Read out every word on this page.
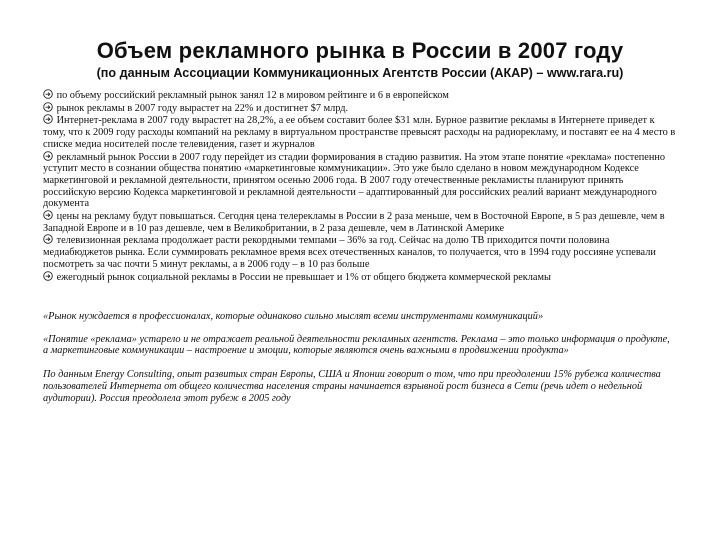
Объем рекламного рынка в России в 2007 году
(по данным Ассоциации Коммуникационных Агентств России (АКАР) – www.rara.ru)

по объему российский рекламный рынок занял 12 в мировом рейтинге и 6 в европейском

рынок рекламы в 2007 году вырастет на 22% и достигнет $7 млрд.

Интернет-реклама в 2007 году вырастет на 28,2%, а ее объем составит более $31 млн. Бурное развитие рекламы в Интернете приведет к тому, что к 2009 году расходы компаний на рекламу в виртуальном пространстве превысят расходы на радиорекламу, и поставят ее на 4 место в списке медиа носителей после телевидения, газет и журналов

рекламный рынок России в 2007 году перейдет из стадии формирования в стадию развития. На этом этапе понятие «реклама» постепенно уступит место в сознании общества понятию «маркетинговые коммуникации». Это уже было сделано в новом международном Кодексе маркетинговой и рекламной деятельности, принятом осенью 2006 года. В 2007 году отечественные рекламисты планируют принять российскую версию Кодекса маркетинговой и рекламной деятельности – адаптированный для российских реалий вариант международного документа

цены на рекламу будут повышаться. Сегодня цена телерекламы в России в 2 раза меньше, чем в Восточной Европе, в 5 раз дешевле, чем в Западной Европе и в 10 раз дешевле, чем в Великобритании, в 2 раза дешевле, чем в Латинской Америке

телевизионная реклама продолжает расти рекордными темпами – 36% за год. Сейчас на долю ТВ приходится почти половина медиабюджетов рынка. Если суммировать рекламное время всех отечественных каналов, то получается, что в 1994 году россияне успевали посмотреть за час почти 5 минут рекламы, а в 2006 году – в 10 раз больше

ежегодный рынок социальной рекламы в России не превышает и 1% от общего бюджета коммерческой рекламы

«Рынок нуждается в профессионалах, которые одинаково сильно мыслят всеми инструментами коммуникаций»

«Понятие «реклама» устарело и не отражает реальной деятельности рекламных агентств. Реклама – это только информация о продукте, а маркетинговые коммуникации – настроение и эмоции, которые являются очень важными в продвижении продукта»

По данным Energy Consulting, опыт развитых стран Европы, США и Японии говорит о том, что при преодолении 15% рубежа количества пользователей Интернета от общего количества населения страны начинается взрывной рост бизнеса в Сети (речь идет о недельной аудитории). Россия преодолела этот рубеж в 2005 году
